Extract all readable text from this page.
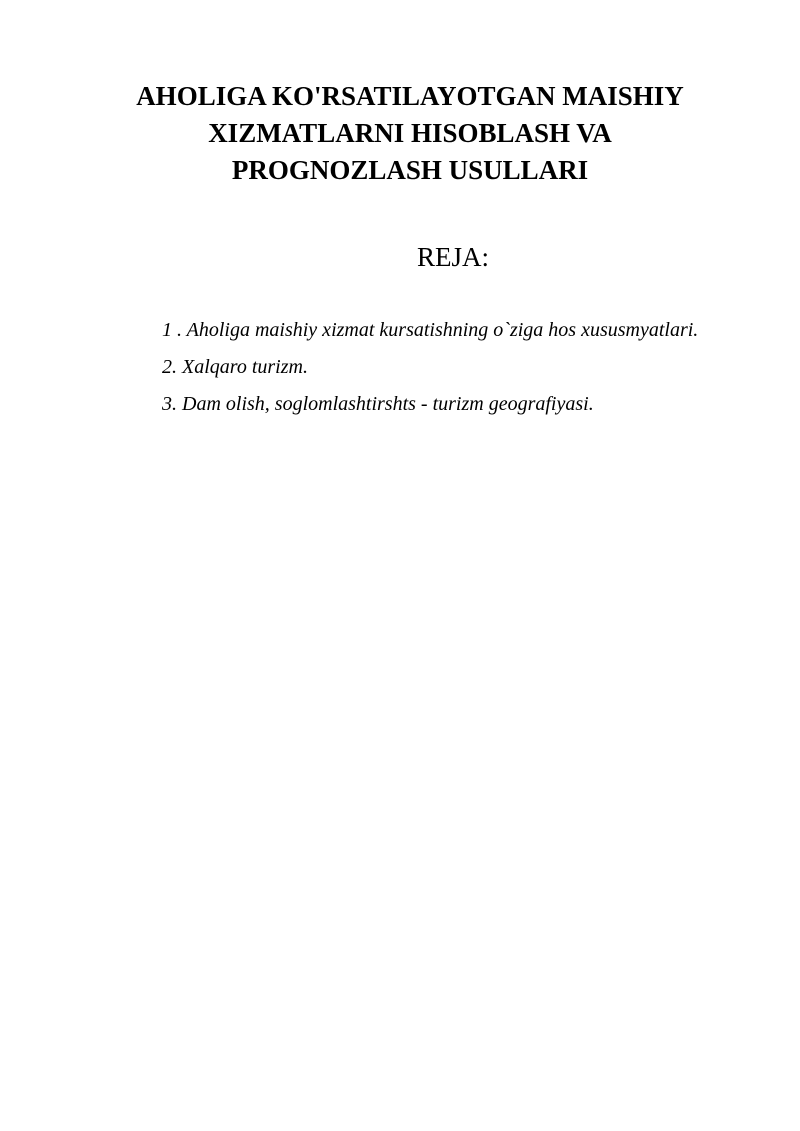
AHOLIGA KO'RSATILAYOTGAN MAISHIY
XIZMATLARNI HISOBLASH VA
PROGNOZLASH USULLARI
REJA:
1 . Aholiga maishiy xizmat kursatishning o`ziga hos xususmyatlari.
2. Xalqaro turizm.
3. Dam olish, soglomlashtirshts - turizm geografiyasi.
